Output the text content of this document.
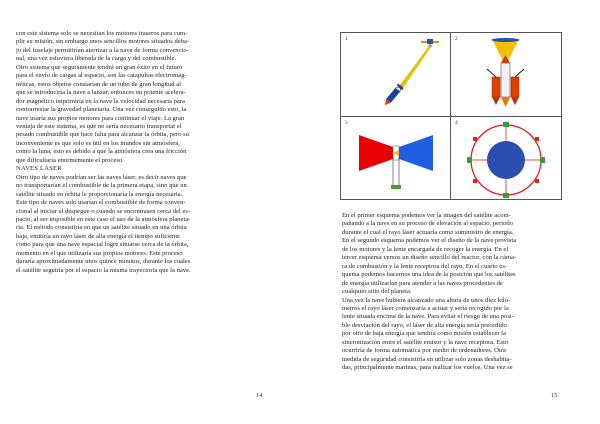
con este sistema solo se necesitan los motores traseros para cum-
plir su misión, sin embargo unos sencillos motores situados deba-
jo del fuselaje permitirían aterrizar a la nave de forma convencio-
nal, una vez estuviera liberada de la carga y del combustible.
Otro sistema que seguramente tendrá un gran éxito en el futuro
para el envío de cargas al espacio, son las catapultas electromag-
néticas, estos objetos constarían de un tubo de gran longitud al
que se introduciría la nave a lanzar, entonces un potente acelera-
dor magnético imprimiría en la nave la velocidad necesaria para
contrarrestar la gravedad planetaria. Una vez conseguido esto, la
nave usaría sus propios motores para continuar el viaje. La gran
ventaja de este sistema, es que no sería necesario transportar el
pesado combustible que hace falta para alcanzar la órbita, pero su
inconveniente es que solo es útil en los mundos sin atmósfera,
como la luna, esto es debido a que la atmósfera crea una fricción
que dificultaría enormemente el proceso.

NAVES LÁSER

Otro tipo de naves podrían ser las naves láser, es decir naves que
no transportarían el combustible de la primera etapa, sino que un
satélite situado en órbita le proporcionaría la energía necesaria.
Este tipo de naves solo usarían el combustible de forma conven-
cional al iniciar el despegue o cuando se encontrasen cerca del es-
pacio, al ser imposible en este caso el uso de la atmósfera planeta-
ria. El método consistiría en que un satélite situado en una órbita
baja, emitiría un rayo láser de alta energía el tiempo suficiente
como para que una nave espacial logre situarse cerca de la órbita,
momento en el que utilizaría sus propios motores. Este proceso
duraría aproximadamente unos quince minutos, durante los cuales
el satélite seguiría por el espacio la misma trayectoria que la nave.

14
1	2
3	4

En el primer esquema podemos ver la imagen del satélite acom-
pañando a la nave en su proceso de elevación al espacio, periodo
durante el cual el rayo láser actuaría como suministro de energía.
En el segundo esquema podemos ver el diseño de la nave provista
de los motores y la lente encargada de recoger la energía. En el
tercer esquema vemos un diseño sencillo del reactor, con la cáma-
ra de combustión y la lente receptora del rayo. En el cuarto es-
quema podemos hacernos una idea de la posición que los satélites
de energía utilizarían para atender a las naves procedentes de
cualquier sitio del planeta.

Una vez la nave hubiera alcanzado una altura de unos diez kiló-
metros el rayo láser comenzaría a actuar y sería recogido por la
lente situada encima de la nave. Para evitar el riesgo de una posi-
ble desviación del rayo, el láser de alta energía sería precedido
por otro de baja energía que tendría como misión establecer la
sincronización entre el satélite emisor y la nave receptora. Esto
ocurriría de forma automática por medio de ordenadores. Otra
medida de seguridad consistiría en utilizar solo zonas deshabita-
das, principalmente marinas, para realizar los vuelos. Una vez se

15
